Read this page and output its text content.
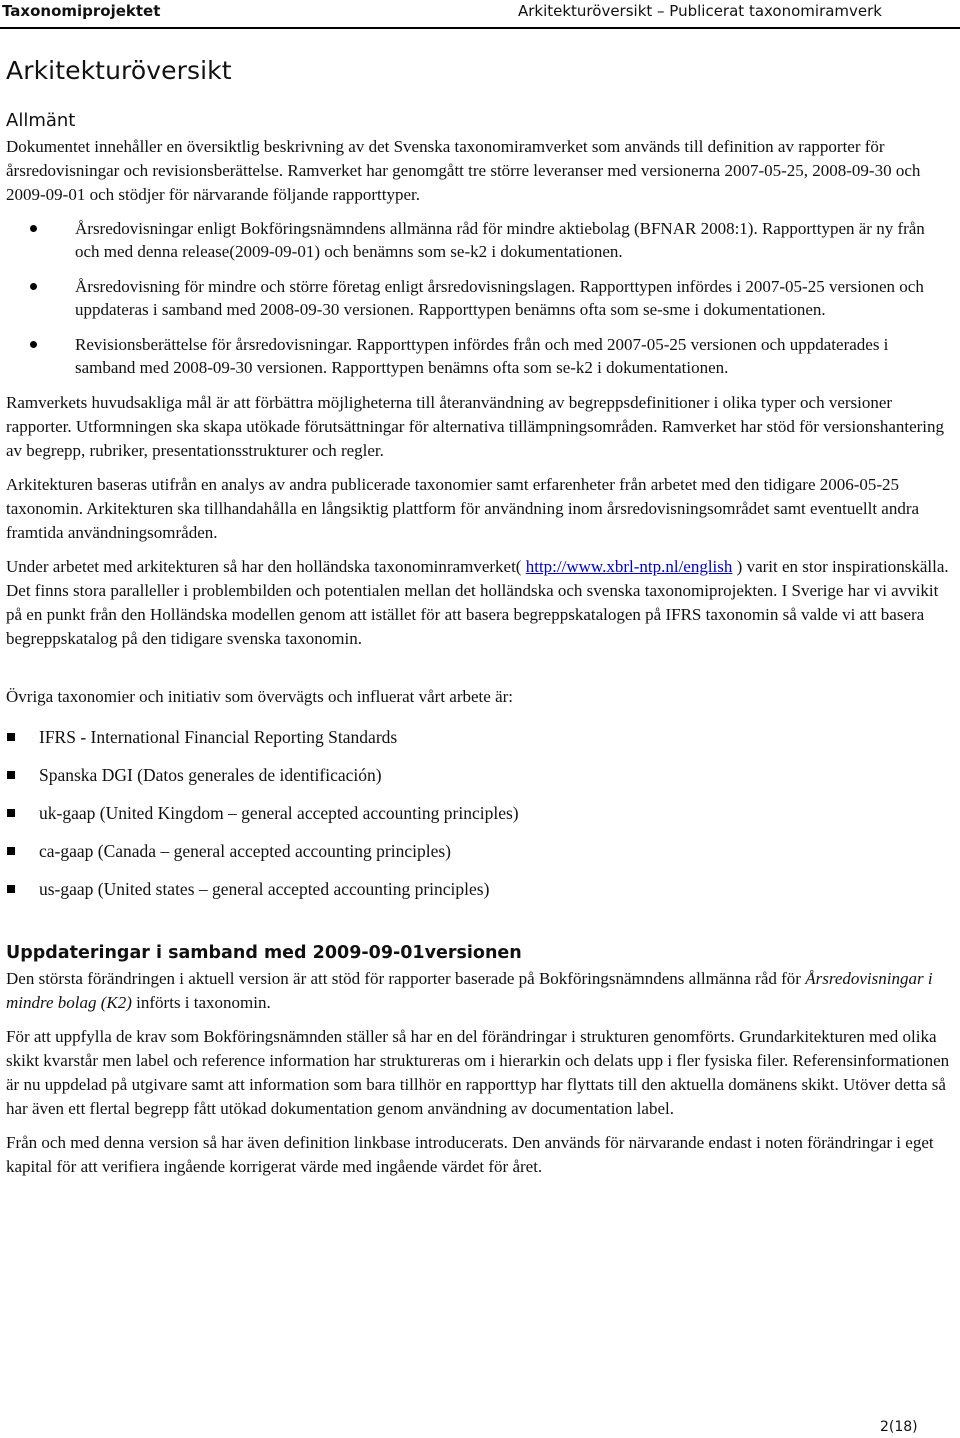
Taxonomiprojektet	Arkitekturöversikt – Publicerat taxonomiramverk
Arkitekturöversikt
Allmänt

Dokumentet innehåller en översiktlig beskrivning av det Svenska taxonomiramverket som används till definition av rapporter för årsredovisningar och revisionsberättelse. Ramverket har genomgått tre större leveranser med versionerna 2007-05-25, 2008-09-30 och 2009-09-01 och stödjer för närvarande följande rapporttyper.

Årsredovisningar enligt Bokföringsnämndens allmänna råd för mindre aktiebolag (BFNAR 2008:1). Rapporttypen är ny från och med denna release(2009-09-01) och benämns som se-k2 i dokumentationen.
Årsredovisning för mindre och större företag enligt årsredovisningslagen. Rapporttypen infördes i 2007-05-25 versionen och uppdateras i samband med 2008-09-30 versionen. Rapporttypen benämns ofta som se-sme i dokumentationen.
Revisionsberättelse för årsredovisningar. Rapporttypen infördes från och med 2007-05-25 versionen och uppdaterades i samband med 2008-09-30 versionen. Rapporttypen benämns ofta som se-k2 i dokumentationen.

Ramverkets huvudsakliga mål är att förbättra möjligheterna till återanvändning av begreppsdefinitioner i olika typer och versioner rapporter. Utformningen ska skapa utökade förutsättningar för alternativa tillämpningsområden. Ramverket har stöd för versionshantering av begrepp, rubriker, presentationsstrukturer och regler.

Arkitekturen baseras utifrån en analys av andra publicerade taxonomier samt erfarenheter från arbetet med den tidigare 2006-05-25 taxonomin. Arkitekturen ska tillhandahålla en långsiktig plattform för användning inom årsredovisningsområdet samt eventuellt andra framtida användningsområden.

Under arbetet med arkitekturen så har den holländska taxonominramverket( http://www.xbrl-ntp.nl/english ) varit en stor inspirationskälla. Det finns stora paralleller i problembilden och potentialen mellan det holländska och svenska taxonomiprojekten. I Sverige har vi avvikit på en punkt från den Holländska modellen genom att istället för att basera begreppskatalogen på IFRS taxonomin så valde vi att basera begreppskatalog på den tidigare svenska taxonomin.

Övriga taxonomier och initiativ som övervägts och influerat vårt arbete är:

IFRS - International Financial Reporting Standards
Spanska DGI (Datos generales de identificación)
uk-gaap (United Kingdom – general accepted accounting principles)
ca-gaap (Canada – general accepted accounting principles)
us-gaap (United states – general accepted accounting principles)
Uppdateringar i samband med 2009-09-01versionen

Den största förändringen i aktuell version är att stöd för rapporter baserade på Bokföringsnämndens allmänna råd för Årsredovisningar i mindre bolag (K2) införts i taxonomin.

För att uppfylla de krav som Bokföringsnämnden ställer så har en del förändringar i strukturen genomförts. Grundarkitekturen med olika skikt kvarstår men label och reference information har struktureras om i hierarkin och delats upp i fler fysiska filer. Referensinformationen är nu uppdelad på utgivare samt att information som bara tillhör en rapporttyp har flyttats till den aktuella domänens skikt. Utöver detta så har även ett flertal begrepp fått utökad dokumentation genom användning av documentation label.

Från och med denna version så har även definition linkbase introducerats. Den används för närvarande endast i noten förändringar i eget kapital för att verifiera ingående korrigerat värde med ingående värdet för året.

2(18)
